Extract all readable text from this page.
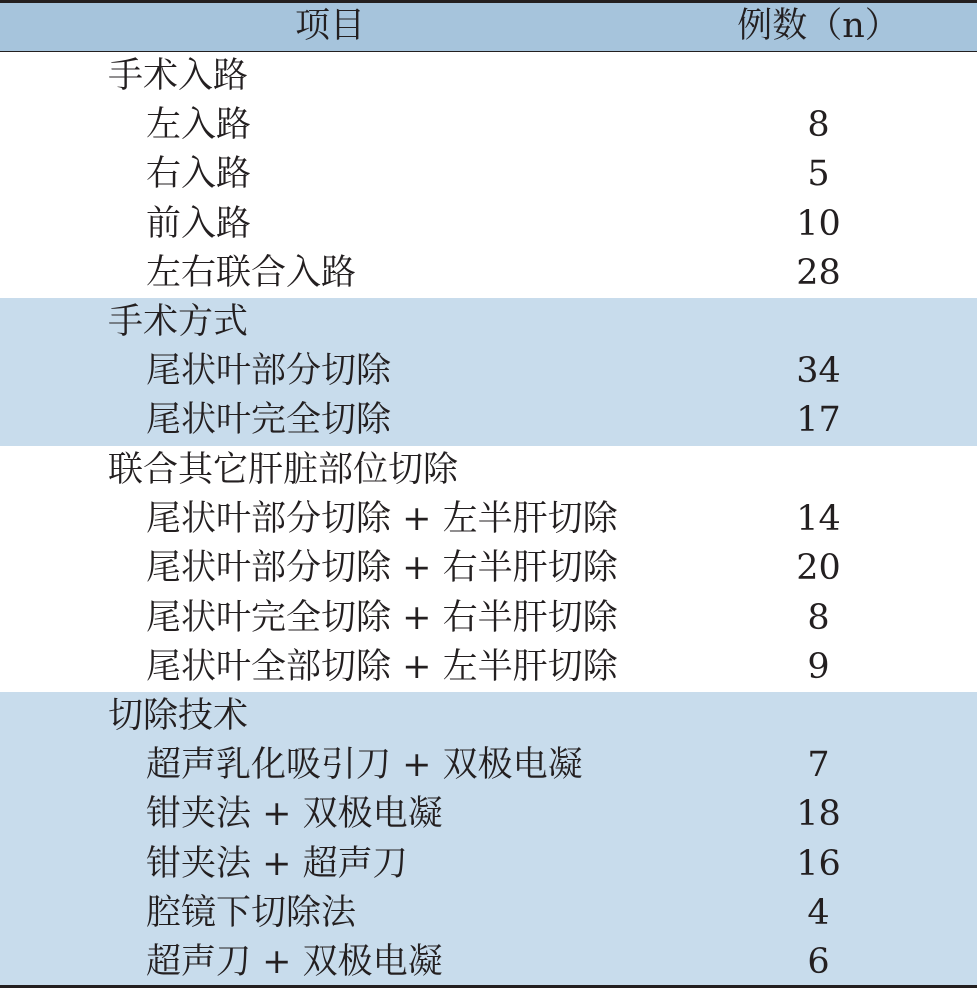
项目	例数（n）
手术入路
左入路	8
右入路	5
前入路	10
左右联合入路	28
手术方式
尾状叶部分切除	34
尾状叶完全切除	17
联合其它肝脏部位切除
尾状叶部分切除 + 左半肝切除	14
尾状叶部分切除 + 右半肝切除	20
尾状叶完全切除 + 右半肝切除	8
尾状叶全部切除 + 左半肝切除	9
切除技术
超声乳化吸引刀 + 双极电凝	7
钳夹法 + 双极电凝	18
钳夹法 + 超声刀	16
腔镜下切除法	4
超声刀 + 双极电凝	6
